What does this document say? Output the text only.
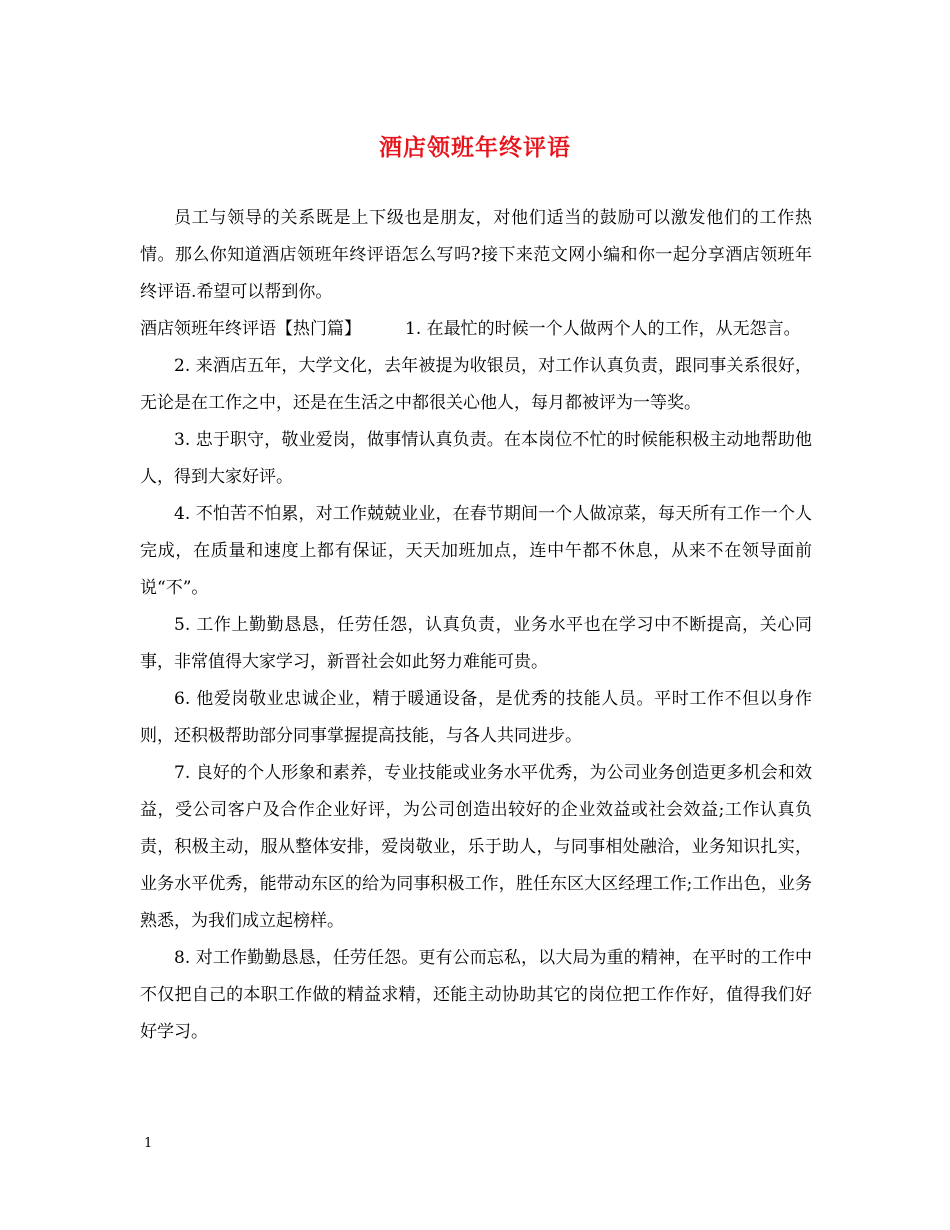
酒店领班年终评语

员工与领导的关系既是上下级也是朋友，对他们适当的鼓励可以激发他们的工作热情。那么你知道酒店领班年终评语怎么写吗?接下来范文网小编和你一起分享酒店领班年终评语.希望可以帮到你。

酒店领班年终评语【热门篇】	1. 在最忙的时候一个人做两个人的工作，从无怨言。

2. 来酒店五年，大学文化，去年被提为收银员，对工作认真负责，跟同事关系很好，无论是在工作之中，还是在生活之中都很关心他人，每月都被评为一等奖。

3. 忠于职守，敬业爱岗，做事情认真负责。在本岗位不忙的时候能积极主动地帮助他人，得到大家好评。

4. 不怕苦不怕累，对工作兢兢业业，在春节期间一个人做凉菜，每天所有工作一个人完成，在质量和速度上都有保证，天天加班加点，连中午都不休息，从来不在领导面前说“不”。

5. 工作上勤勤恳恳，任劳任怨，认真负责，业务水平也在学习中不断提高，关心同事，非常值得大家学习，新晋社会如此努力难能可贵。

6. 他爱岗敬业忠诚企业，精于暖通设备，是优秀的技能人员。平时工作不但以身作则，还积极帮助部分同事掌握提高技能，与各人共同进步。

7. 良好的个人形象和素养，专业技能或业务水平优秀，为公司业务创造更多机会和效益，受公司客户及合作企业好评，为公司创造出较好的企业效益或社会效益;工作认真负责，积极主动，服从整体安排，爱岗敬业，乐于助人，与同事相处融洽，业务知识扎实，业务水平优秀，能带动东区的给为同事积极工作，胜任东区大区经理工作;工作出色，业务熟悉，为我们成立起榜样。

8. 对工作勤勤恳恳，任劳任怨。更有公而忘私，以大局为重的精神，在平时的工作中不仅把自己的本职工作做的精益求精，还能主动协助其它的岗位把工作作好，值得我们好好学习。

1
